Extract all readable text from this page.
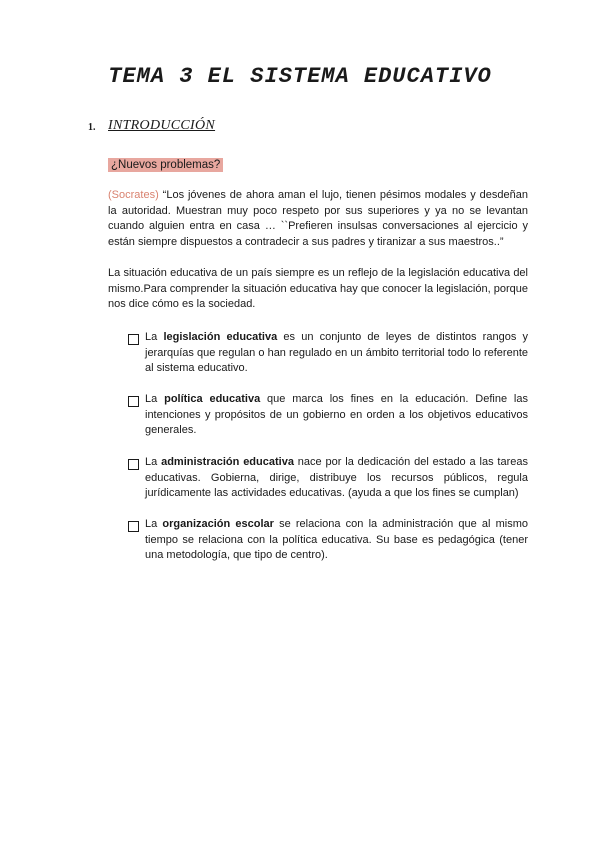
TEMA 3 EL SISTEMA EDUCATIVO
1. INTRODUCCIÓN
¿Nuevos problemas?
(Socrates) “Los jóvenes de ahora aman el lujo, tienen pésimos modales y desdeñan la autoridad. Muestran muy poco respeto por sus superiores y ya no se levantan cuando alguien entra en casa … ``Prefieren insulsas conversaciones al ejercicio y están siempre dispuestos a contradecir a sus padres y tiranizar a sus maestros..”
La situación educativa de un país siempre es un reflejo de la legislación educativa del mismo.Para comprender la situación educativa hay que conocer la legislación, porque nos dice cómo es la sociedad.
La legislación educativa es un conjunto de leyes de distintos rangos y jerarquías que regulan o han regulado en un ámbito territorial todo lo referente al sistema educativo.
La política educativa que marca los fines en la educación. Define las intenciones y propósitos de un gobierno en orden a los objetivos educativos generales.
La administración educativa nace por la dedicación del estado a las tareas educativas. Gobierna, dirige, distribuye los recursos públicos, regula jurídicamente las actividades educativas. (ayuda a que los fines se cumplan)
La organización escolar se relaciona con la administración que al mismo tiempo se relaciona con la política educativa. Su base es pedagógica (tener una metodología, que tipo de centro).
